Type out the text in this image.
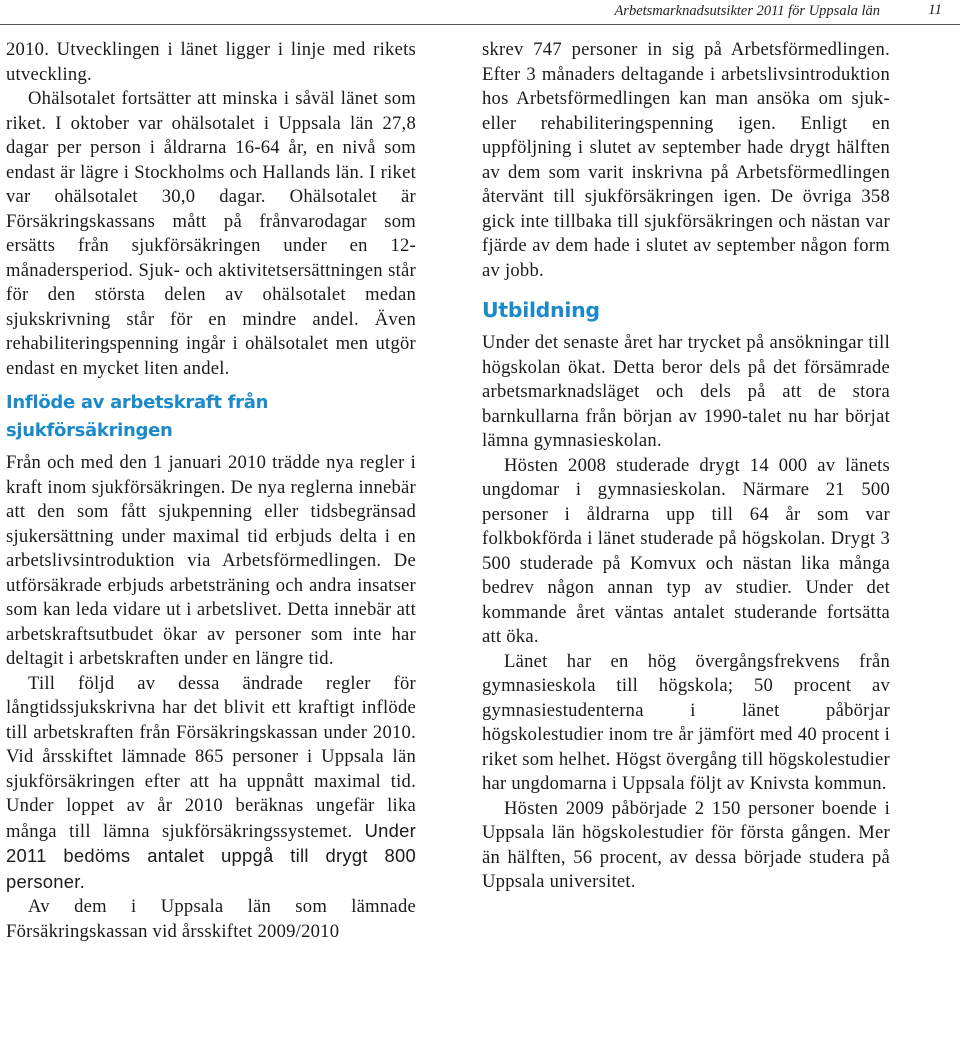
Arbetsmarknadsutsikter 2011 för Uppsala län	11

2010. Utvecklingen i länet ligger i linje med rikets utveckling.

Ohälsotalet fortsätter att minska i såväl länet som riket. I oktober var ohälsotalet i Uppsala län 27,8 dagar per person i åldrarna 16-64 år, en nivå som endast är lägre i Stockholms och Hallands län. I riket var ohälsotalet 30,0 dagar. Ohälsotalet är Försäkringskassans mått på frånvarodagar som ersätts från sjukförsäkringen under en 12-månadersperiod. Sjuk- och aktivitetsersättningen står för den största delen av ohälsotalet medan sjukskrivning står för en mindre andel. Även rehabiliteringspenning ingår i ohälsotalet men utgör endast en mycket liten andel.

Inflöde av arbetskraft från sjukförsäkringen

Från och med den 1 januari 2010 trädde nya regler i kraft inom sjukförsäkringen. De nya reglerna innebär att den som fått sjukpenning eller tidsbegränsad sjukersättning under maximal tid erbjuds delta i en arbetslivsintroduktion via Arbetsförmedlingen. De utförsäkrade erbjuds arbetsträning och andra insatser som kan leda vidare ut i arbetslivet. Detta innebär att arbetskraftsutbudet ökar av personer som inte har deltagit i arbetskraften under en längre tid.

Till följd av dessa ändrade regler för långtidssjukskrivna har det blivit ett kraftigt inflöde till arbetskraften från Försäkringskassan under 2010. Vid årsskiftet lämnade 865 personer i Uppsala län sjukförsäkringen efter att ha uppnått maximal tid. Under loppet av år 2010 beräknas ungefär lika många till lämna sjukförsäkringssystemet. Under 2011 bedöms antalet uppgå till drygt 800 personer.

Av dem i Uppsala län som lämnade Försäkringskassan vid årsskiftet 2009/2010

skrev 747 personer in sig på Arbetsförmedlingen. Efter 3 månaders deltagande i arbetslivsintroduktion hos Arbetsförmedlingen kan man ansöka om sjuk- eller rehabiliteringspenning igen. Enligt en uppföljning i slutet av september hade drygt hälften av dem som varit inskrivna på Arbetsförmedlingen återvänt till sjukförsäkringen igen. De övriga 358 gick inte tillbaka till sjukförsäkringen och nästan var fjärde av dem hade i slutet av september någon form av jobb.

Utbildning

Under det senaste året har trycket på ansökningar till högskolan ökat. Detta beror dels på det försämrade arbetsmarknadsläget och dels på att de stora barnkullarna från början av 1990-talet nu har börjat lämna gymnasieskolan.

Hösten 2008 studerade drygt 14 000 av länets ungdomar i gymnasieskolan. Närmare 21 500 personer i åldrarna upp till 64 år som var folkbokförda i länet studerade på högskolan. Drygt 3 500 studerade på Komvux och nästan lika många bedrev någon annan typ av studier. Under det kommande året väntas antalet studerande fortsätta att öka.

Länet har en hög övergångsfrekvens från gymnasieskola till högskola; 50 procent av gymnasiestudenterna i länet påbörjar högskolestudier inom tre år jämfört med 40 procent i riket som helhet. Högst övergång till högskolestudier har ungdomarna i Uppsala följt av Knivsta kommun.

Hösten 2009 påbörjade 2 150 personer boende i Uppsala län högskolestudier för första gången. Mer än hälften, 56 procent, av dessa började studera på Uppsala universitet.
